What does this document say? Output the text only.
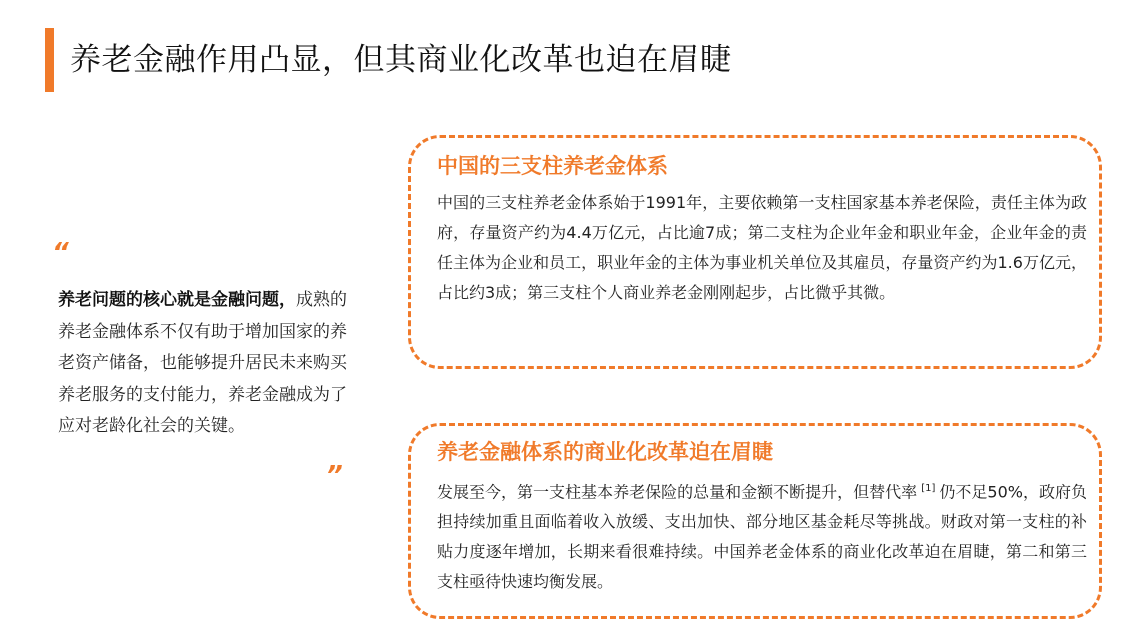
养老金融作用凸显，但其商业化改革也迫在眉睫
“
养老问题的核心就是金融问题，成熟的养老金融体系不仅有助于增加国家的养老资产储备，也能够提升居民未来购买养老服务的支付能力，养老金融成为了应对老龄化社会的关键。
”
中国的三支柱养老金体系
中国的三支柱养老金体系始于1991年，主要依赖第一支柱国家基本养老保险，责任主体为政府，存量资产约为4.4万亿元，占比逾7成；第二支柱为企业年金和职业年金，企业年金的责任主体为企业和员工，职业年金的主体为事业机关单位及其雇员，存量资产约为1.6万亿元，占比约3成；第三支柱个人商业养老金刚刚起步，占比微乎其微。
养老金融体系的商业化改革迫在眉睫
发展至今，第一支柱基本养老保险的总量和金额不断提升，但替代率 [1] 仍不足50%，政府负担持续加重且面临着收入放缓、支出加快、部分地区基金耗尽等挑战。财政对第一支柱的补贴力度逐年增加，长期来看很难持续。中国养老金体系的商业化改革迫在眉睫，第二和第三支柱亟待快速均衡发展。
